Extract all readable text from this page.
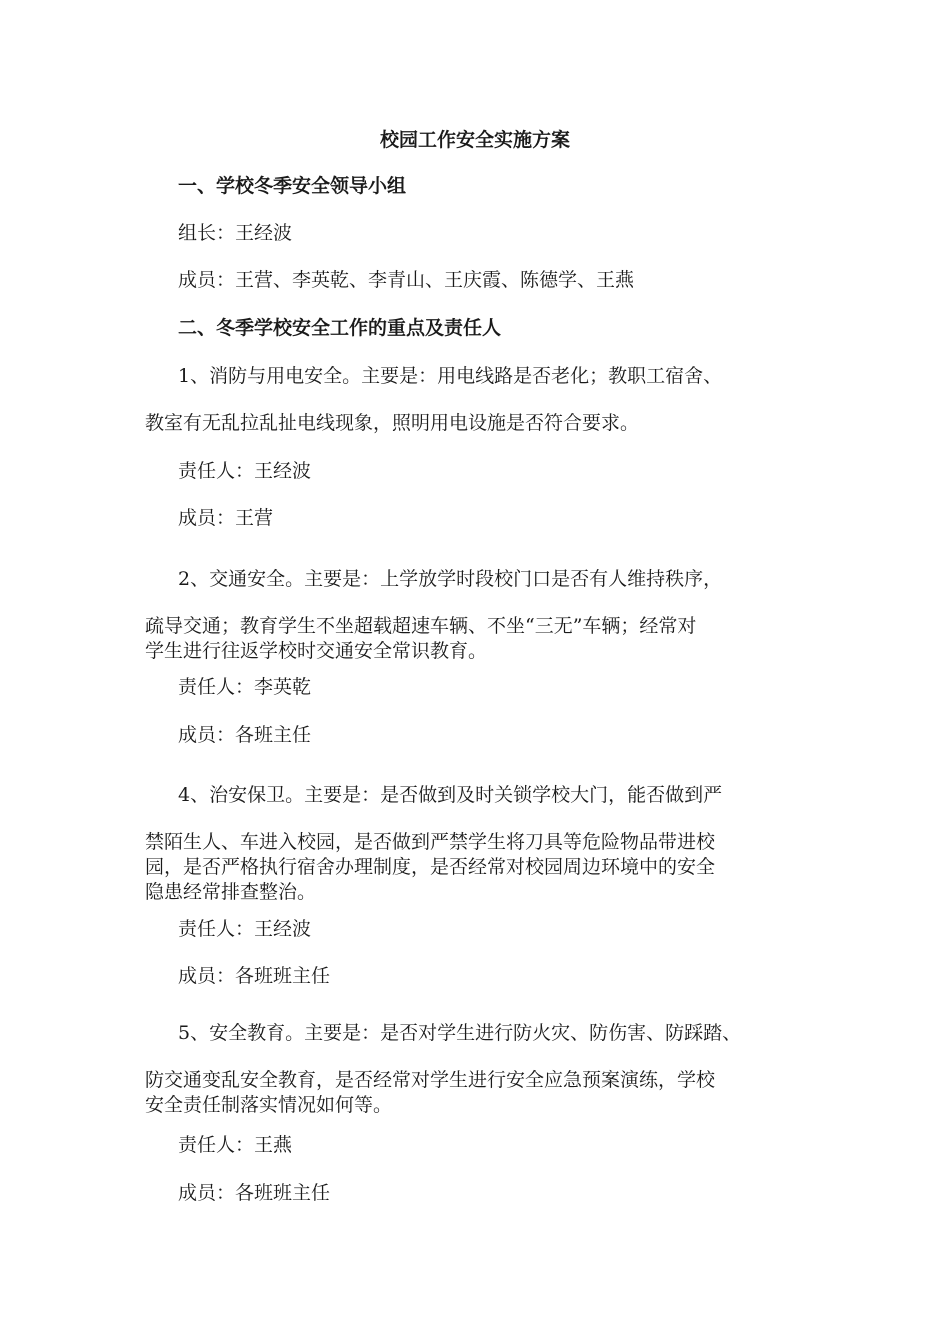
校园工作安全实施方案

一、学校冬季安全领导小组

组长：王经波

成员：王营、李英乾、李青山、王庆霞、陈德学、王燕

二、冬季学校安全工作的重点及责任人

1、消防与用电安全。主要是：用电线路是否老化；教职工宿舍、
教室有无乱拉乱扯电线现象，照明用电设施是否符合要求。

责任人：王经波

成员：王营

2、交通安全。主要是：上学放学时段校门口是否有人维持秩序，
疏导交通；教育学生不坐超载超速车辆、不坐“三无”车辆；经常对
学生进行往返学校时交通安全常识教育。

责任人：李英乾

成员：各班主任

4、治安保卫。主要是：是否做到及时关锁学校大门，能否做到严
禁陌生人、车进入校园，是否做到严禁学生将刀具等危险物品带进校
园，是否严格执行宿舍办理制度，是否经常对校园周边环境中的安全
隐患经常排查整治。

责任人：王经波

成员：各班班主任

5、安全教育。主要是：是否对学生进行防火灾、防伤害、防踩踏、
防交通变乱安全教育，是否经常对学生进行安全应急预案演练，学校
安全责任制落实情况如何等。

责任人：王燕

成员：各班班主任
